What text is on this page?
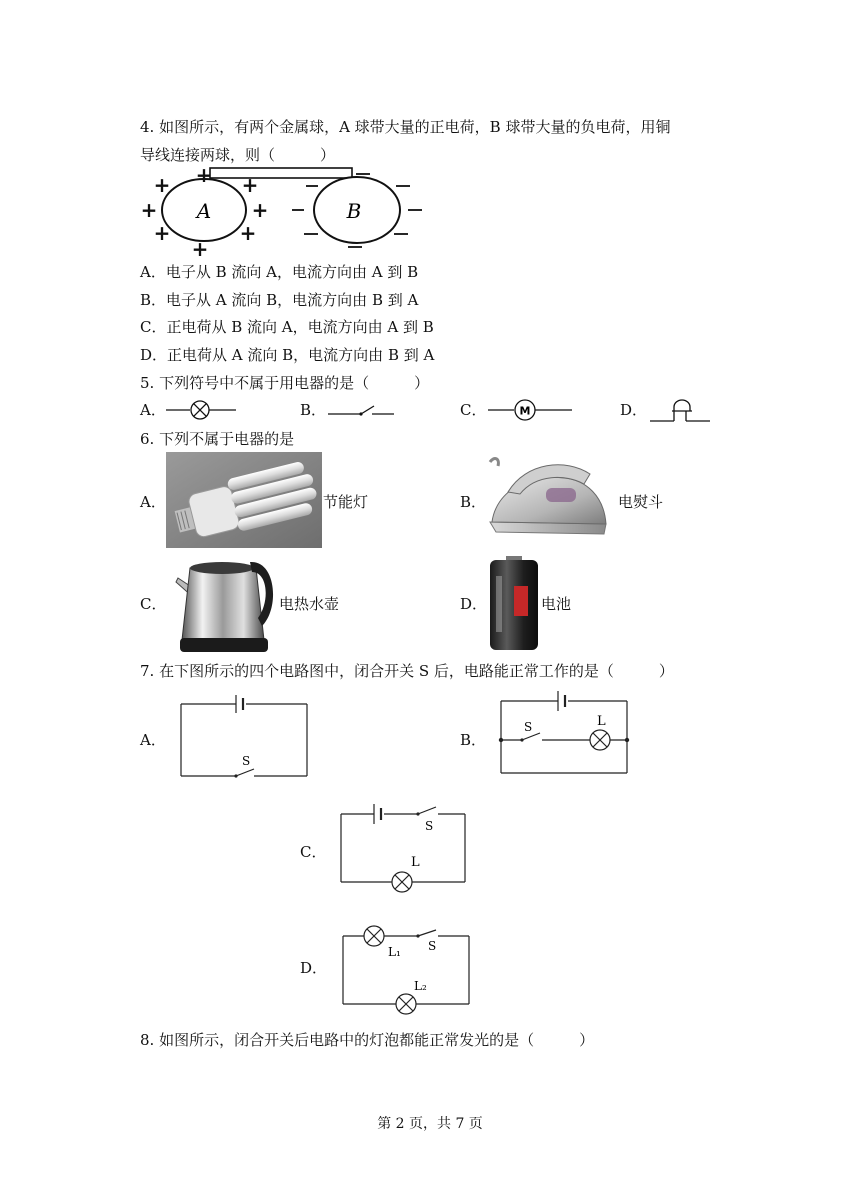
4. 如图所示，有两个金属球，A 球带大量的正电荷，B 球带大量的负电荷，用铜
导线连接两球，则（　　　）
A
+ + +
+	+
+
+
+
B
A．电子从 B 流向 A，电流方向由 A 到 B
B．电子从 A 流向 B，电流方向由 B 到 A
C．正电荷从 B 流向 A，电流方向由 A 到 B
D．正电荷从 A 流向 B，电流方向由 B 到 A
5. 下列符号中不属于用电器的是（　　　）
A．	B．	C．	M	D．
6. 下列不属于电器的是
A．	节能灯	B．	电熨斗
C．	电热水壶	D．	电池
7. 在下图所示的四个电路图中，闭合开关 S 后，电路能正常工作的是（　　　）
A．
S
B．
S	L
C．
S
L
D．
L₁ S
L₂
8. 如图所示，闭合开关后电路中的灯泡都能正常发光的是（　　　）
第 2 页，共 7 页
